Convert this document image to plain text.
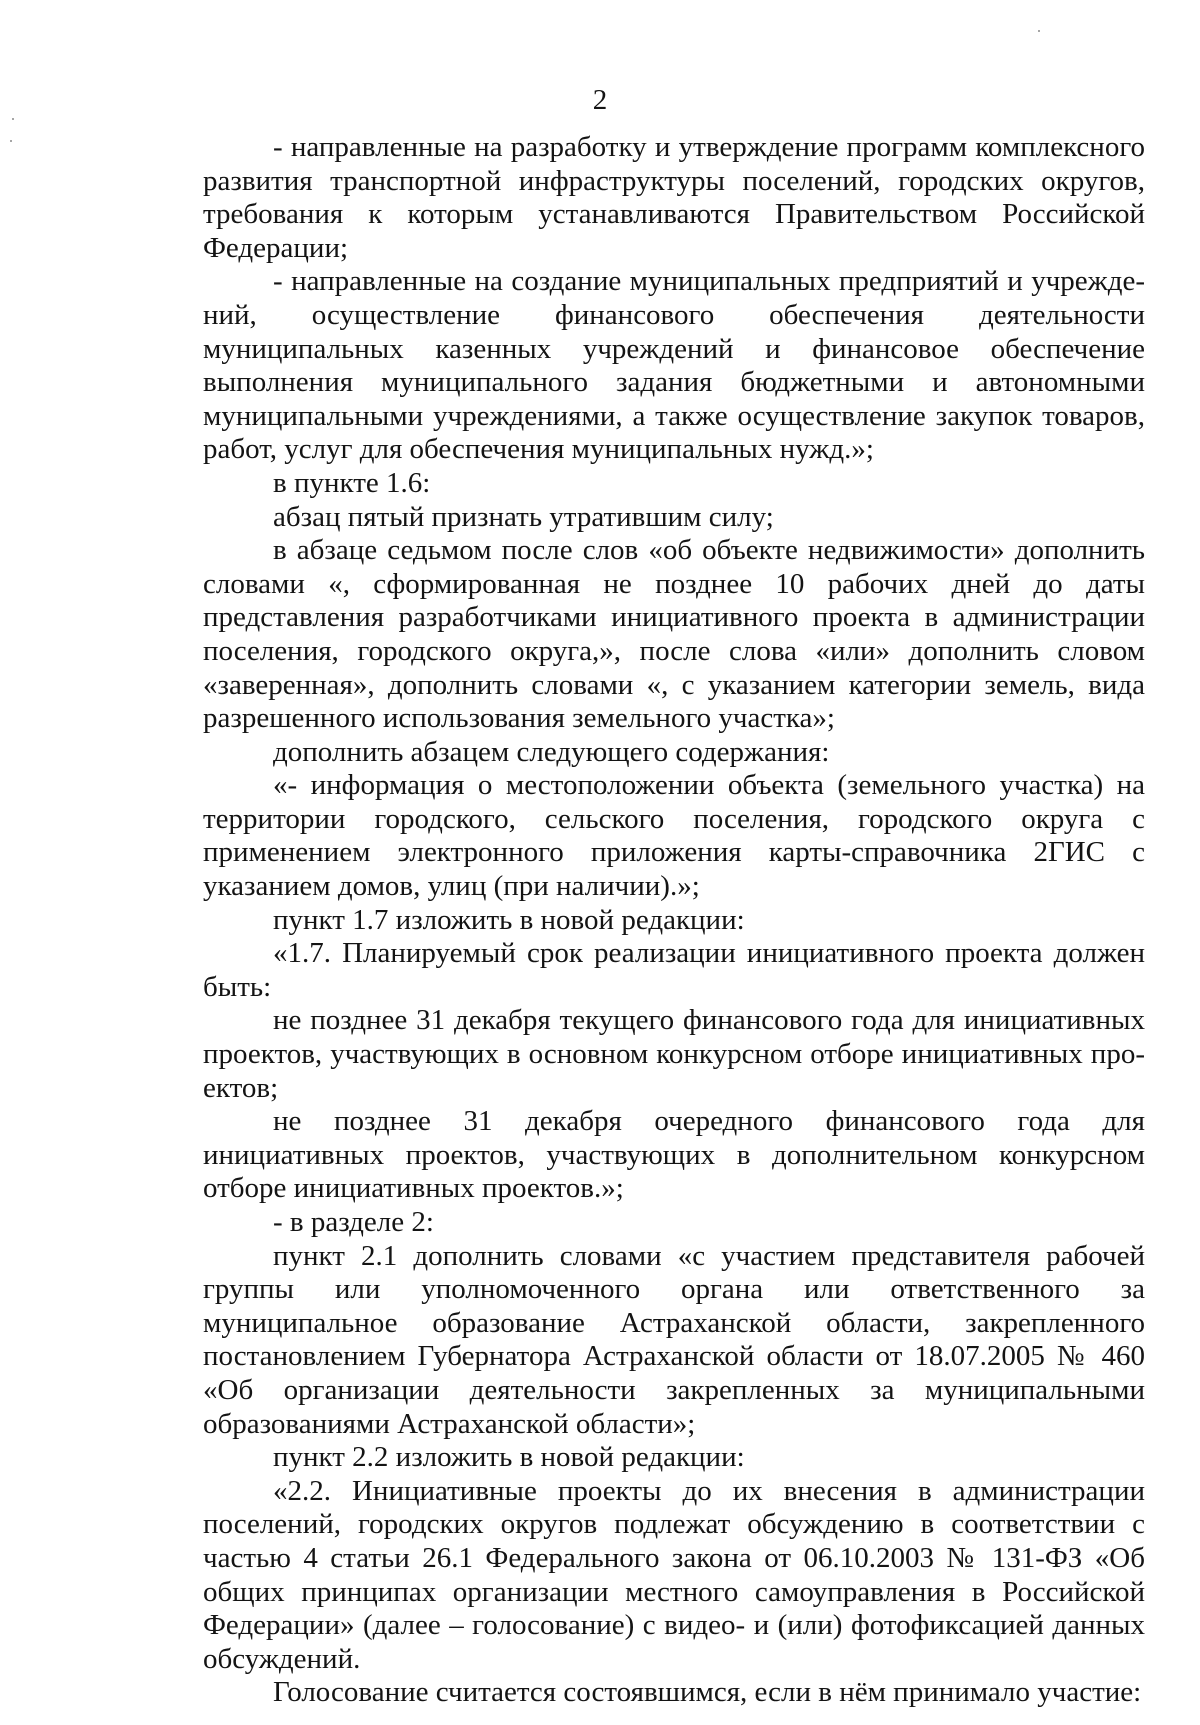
2

- направленные на разработку и утверждение программ комплексного развития транспортной инфраструктуры поселений, городских округов, требования к которым устанавливаются Правительством Российской Федерации;

- направленные на создание муниципальных предприятий и учреждений, осуществление финансового обеспечения деятельности муниципальных казенных учреждений и финансовое обеспечение выполнения муниципального задания бюджетными и автономными муниципальными учреждениями, а также осуществление закупок товаров, работ, услуг для обеспечения муниципальных нужд.»;

в пункте 1.6:

абзац пятый признать утратившим силу;

в абзаце седьмом после слов «об объекте недвижимости» дополнить словами «, сформированная не позднее 10 рабочих дней до даты представления разработчиками инициативного проекта в администрации поселения, городского округа,», после слова «или» дополнить словом «заверенная», дополнить словами «, с указанием категории земель, вида разрешенного использования земельного участка»;

дополнить абзацем следующего содержания:

«- информация о местоположении объекта (земельного участка) на территории городского, сельского поселения, городского округа с применением электронного приложения карты-справочника 2ГИС с указанием домов, улиц (при наличии).»;

пункт 1.7 изложить в новой редакции:

«1.7. Планируемый срок реализации инициативного проекта должен быть:

не позднее 31 декабря текущего финансового года для инициативных проектов, участвующих в основном конкурсном отборе инициативных проектов;

не позднее 31 декабря очередного финансового года для инициативных проектов, участвующих в дополнительном конкурсном отборе инициативных проектов.»;

- в разделе 2:

пункт 2.1 дополнить словами «с участием представителя рабочей группы или уполномоченного органа или ответственного за муниципальное образование Астраханской области, закрепленного постановлением Губернатора Астраханской области от 18.07.2005 № 460 «Об организации деятельности закрепленных за муниципальными образованиями Астраханской области»;

пункт 2.2 изложить в новой редакции:

«2.2. Инициативные проекты до их внесения в администрации поселений, городских округов подлежат обсуждению в соответствии с частью 4 статьи 26.1 Федерального закона от 06.10.2003 № 131-ФЗ «Об общих принципах организации местного самоуправления в Российской Федерации» (далее – голосование) с видео- и (или) фотофиксацией данных обсуждений.

Голосование считается состоявшимся, если в нём принимало участие:
